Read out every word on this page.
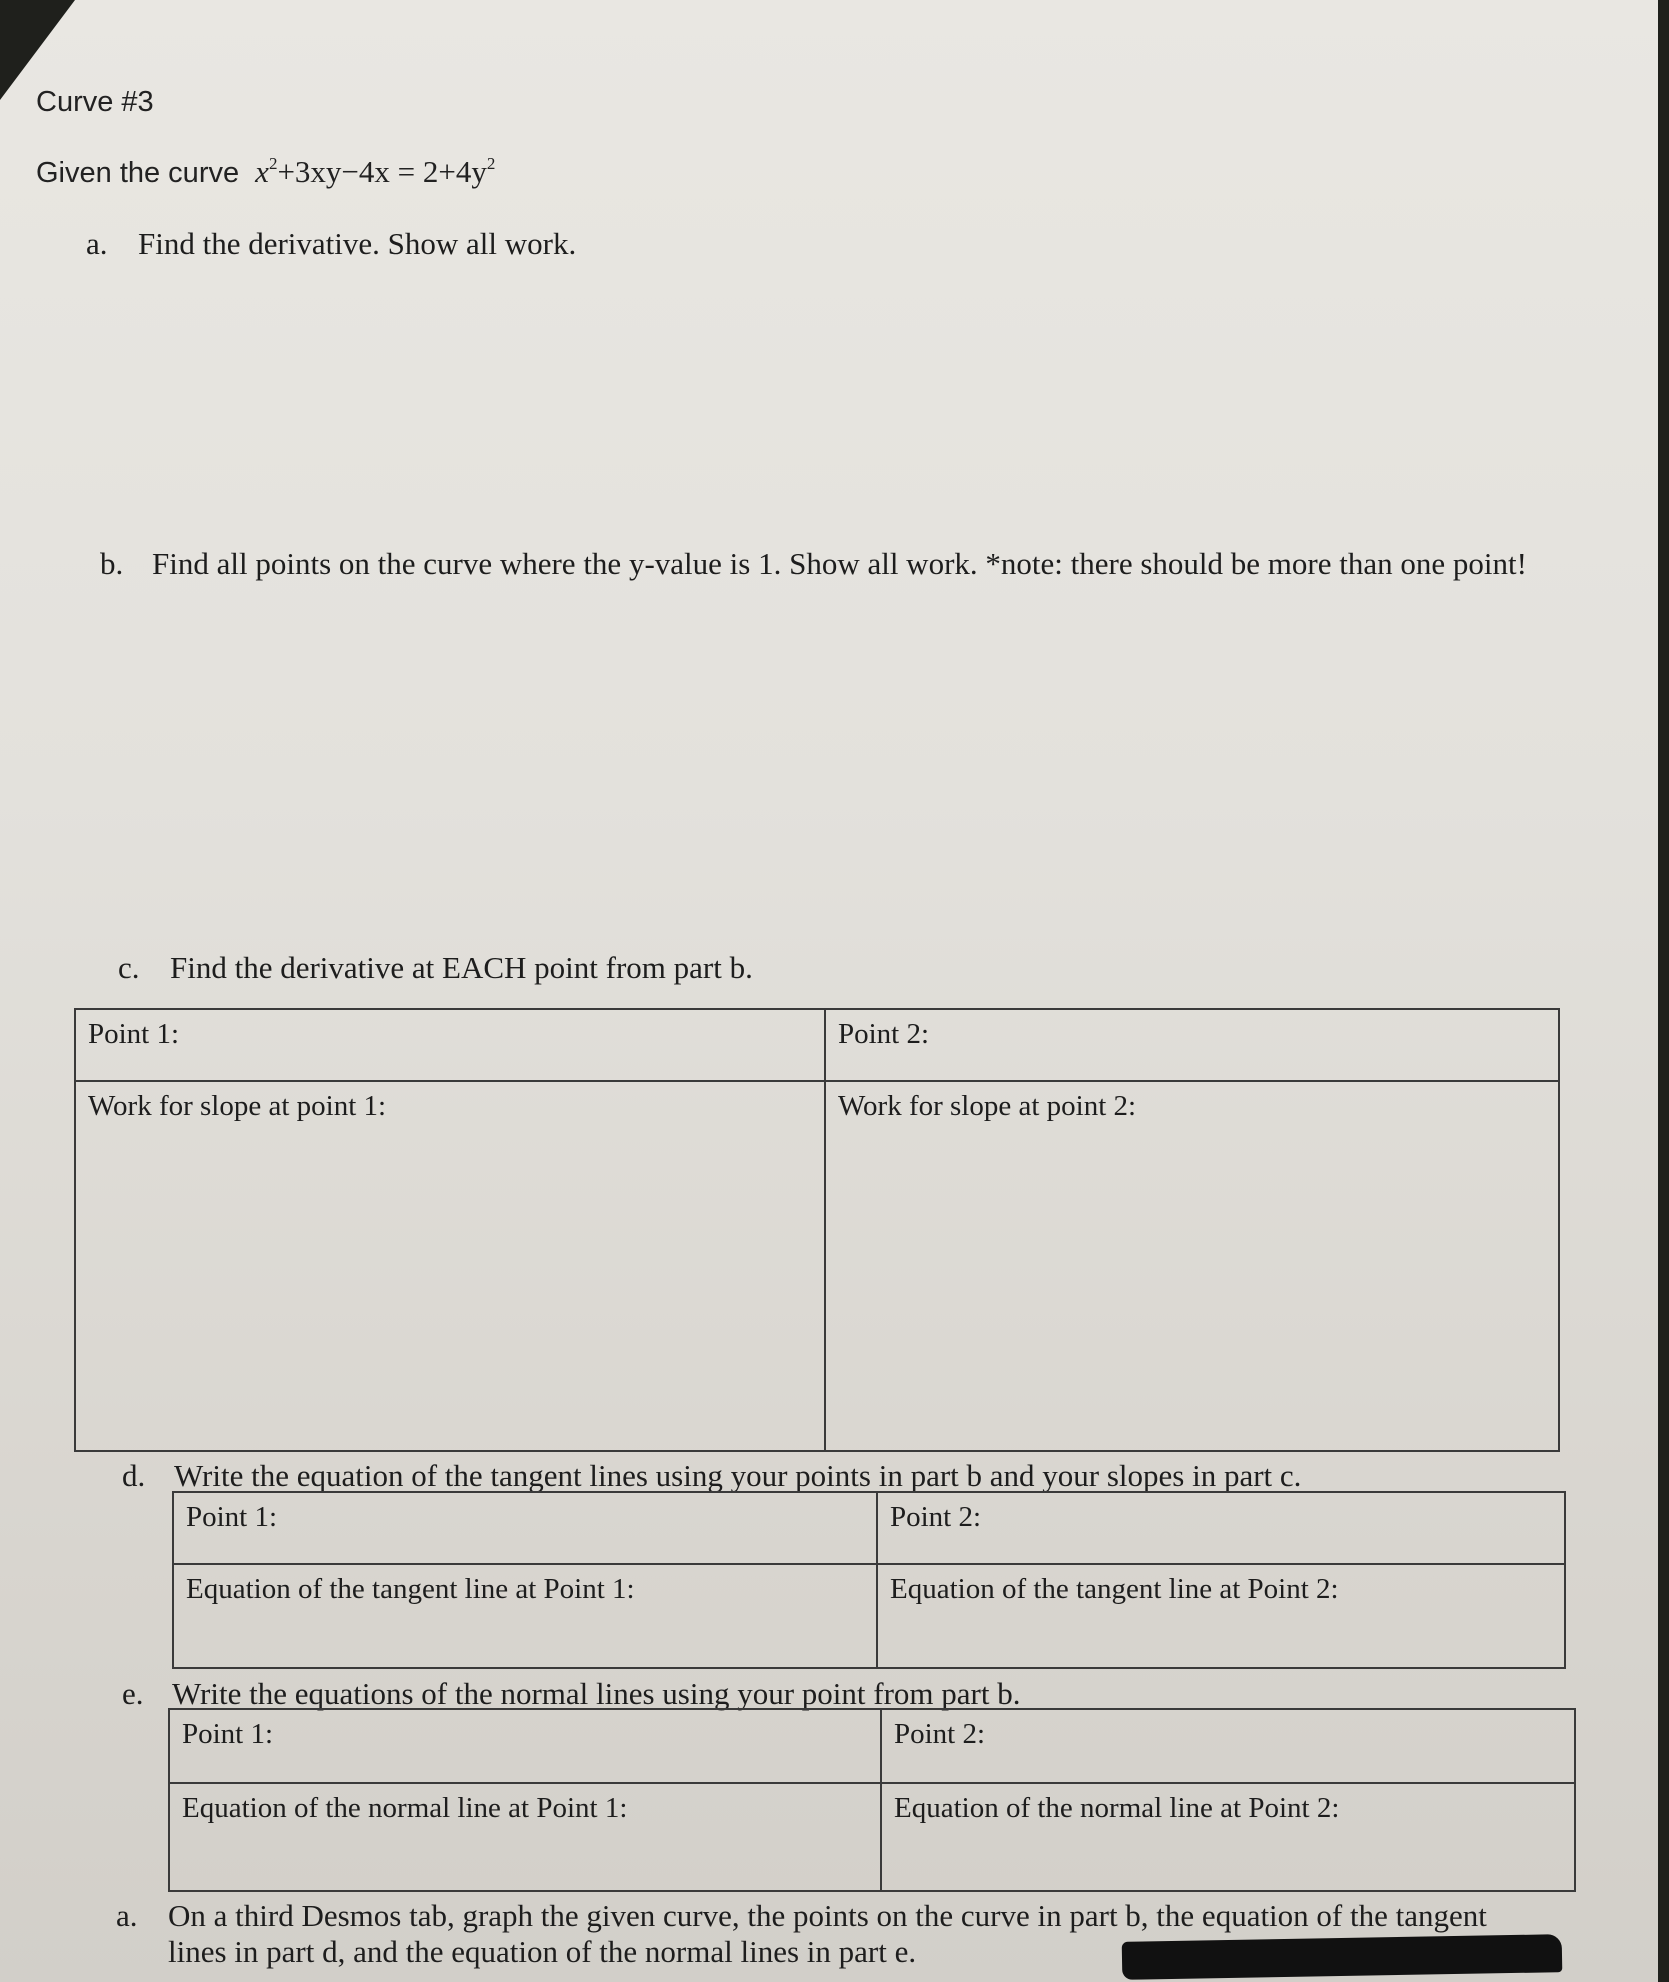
Curve #3
Given the curve $x^2+3xy-4x = 2+4y^2$
a. Find the derivative. Show all work.
b. Find all points on the curve where the y-value is 1. Show all work. *note: there should be more than one point!
c. Find the derivative at EACH point from part b.
Point 1:	Point 2:
Work for slope at point 1:	Work for slope at point 2:
d. Write the equation of the tangent lines using your points in part b and your slopes in part c.
Point 1:	Point 2:
Equation of the tangent line at Point 1:	Equation of the tangent line at Point 2:
e. Write the equations of the normal lines using your point from part b.
Point 1:	Point 2:
Equation of the normal line at Point 1:	Equation of the normal line at Point 2:
a. On a third Desmos tab, graph the given curve, the points on the curve in part b, the equation of the tangent lines in part d, and the equation of the normal lines in part e.
